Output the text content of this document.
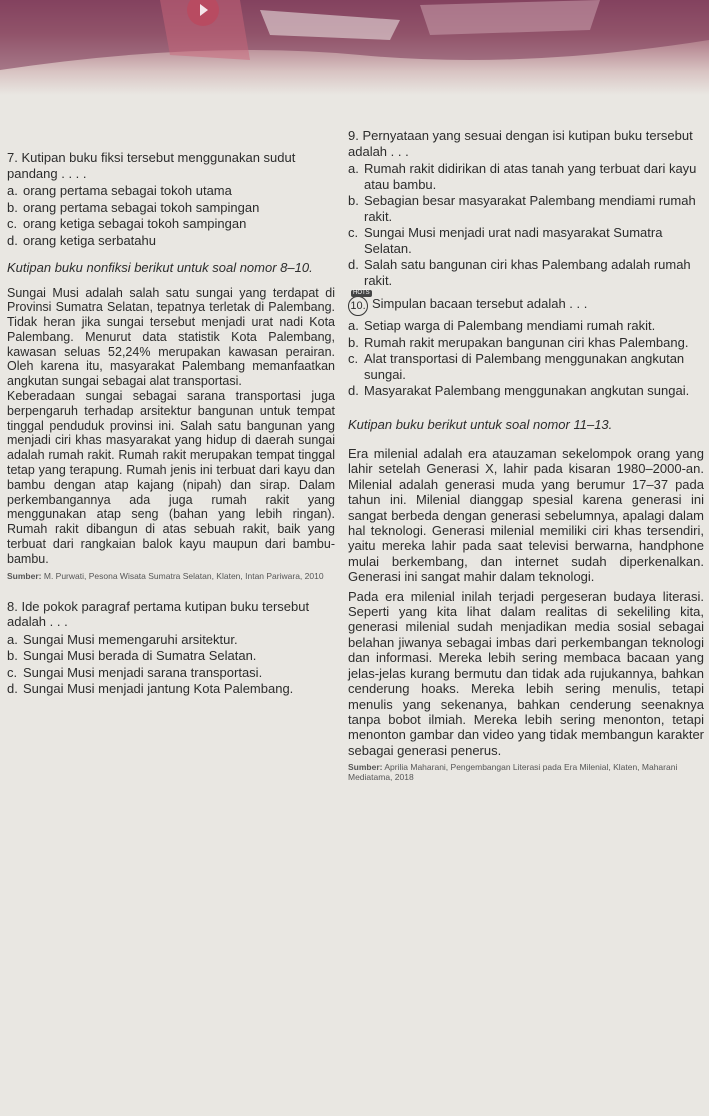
7. Kutipan buku fiksi tersebut menggunakan sudut pandang . . . .
a. orang pertama sebagai tokoh utama
b. orang pertama sebagai tokoh sampingan
c. orang ketiga sebagai tokoh sampingan
d. orang ketiga serbatahu

Kutipan buku nonfiksi berikut untuk soal nomor 8–10.

Sungai Musi adalah salah satu sungai yang terdapat di Provinsi Sumatra Selatan, tepatnya terletak di Palembang. Tidak heran jika sungai tersebut menjadi urat nadi Kota Palembang. Menurut data statistik Kota Palembang, kawasan seluas 52,24% merupakan kawasan perairan. Oleh karena itu, masyarakat Palembang memanfaatkan angkutan sungai sebagai alat transportasi.

Keberadaan sungai sebagai sarana transportasi juga berpengaruh terhadap arsitektur bangunan untuk tempat tinggal penduduk provinsi ini. Salah satu bangunan yang menjadi ciri khas masyarakat yang hidup di daerah sungai adalah rumah rakit. Rumah rakit merupakan tempat tinggal tetap yang terapung. Rumah jenis ini terbuat dari kayu dan bambu dengan atap kajang (nipah) dan sirap. Dalam perkembangannya ada juga rumah rakit yang menggunakan atap seng (bahan yang lebih ringan). Rumah rakit dibangun di atas sebuah rakit, baik yang terbuat dari rangkaian balok kayu maupun dari bambu-bambu.

Sumber: M. Purwati, Pesona Wisata Sumatra Selatan, Klaten, Intan Pariwara, 2010
8. Ide pokok paragraf pertama kutipan buku tersebut adalah . . .
a. Sungai Musi memengaruhi arsitektur.
b. Sungai Musi berada di Sumatra Selatan.
c. Sungai Musi menjadi sarana transportasi.
d. Sungai Musi menjadi jantung Kota Palembang.
9. Pernyataan yang sesuai dengan isi kutipan buku tersebut adalah . . .
a. Rumah rakit didirikan di atas tanah yang terbuat dari kayu atau bambu.
b. Sebagian besar masyarakat Palembang mendiami rumah rakit.
c. Sungai Musi menjadi urat nadi masyarakat Sumatra Selatan.
d. Salah satu bangunan ciri khas Palembang adalah rumah rakit.
HOTS
10. Simpulan bacaan tersebut adalah . . .
a. Setiap warga di Palembang mendiami rumah rakit.
b. Rumah rakit merupakan bangunan ciri khas Palembang.
c. Alat transportasi di Palembang menggunakan angkutan sungai.
d. Masyarakat Palembang menggunakan angkutan sungai.

Kutipan buku berikut untuk soal nomor 11–13.

Era milenial adalah era atauzaman sekelompok orang yang lahir setelah Generasi X, lahir pada kisaran 1980–2000-an. Milenial adalah generasi muda yang berumur 17–37 pada tahun ini. Milenial dianggap spesial karena generasi ini sangat berbeda dengan generasi sebelumnya, apalagi dalam hal teknologi. Generasi milenial memiliki ciri khas tersendiri, yaitu mereka lahir pada saat televisi berwarna, handphone mulai berkembang, dan internet sudah diperkenalkan. Generasi ini sangat mahir dalam teknologi.

Pada era milenial inilah terjadi pergeseran budaya literasi. Seperti yang kita lihat dalam realitas di sekeliling kita, generasi milenial sudah menjadikan media sosial sebagai belahan jiwanya sebagai imbas dari perkembangan teknologi dan informasi. Mereka lebih sering membaca bacaan yang jelas-jelas kurang bermutu dan tidak ada rujukannya, bahkan cenderung hoaks. Mereka lebih sering menulis, tetapi menulis yang sekenanya, bahkan cenderung seenaknya tanpa bobot ilmiah. Mereka lebih sering menonton, tetapi menonton gambar dan video yang tidak membangun karakter sebagai generasi penerus.

Sumber: Aprilia Maharani, Pengembangan Literasi pada Era Milenial, Klaten, Maharani Mediatama, 2018
